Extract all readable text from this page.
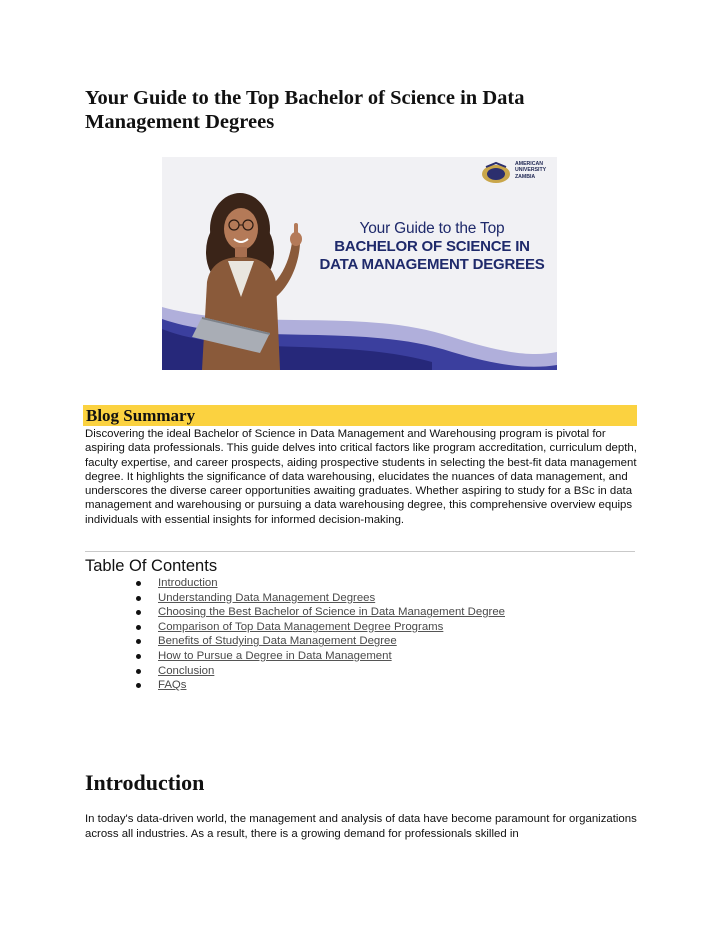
Your Guide to the Top Bachelor of Science in Data Management Degrees
AMERICAN
UNIVERSITY
ZAMBIA
Your Guide to the Top
BACHELOR OF SCIENCE IN
DATA MANAGEMENT DEGREES
Blog Summary
Discovering the ideal Bachelor of Science in Data Management and Warehousing program is pivotal for aspiring data professionals. This guide delves into critical factors like program accreditation, curriculum depth, faculty expertise, and career prospects, aiding prospective students in selecting the best-fit data management degree. It highlights the significance of data warehousing, elucidates the nuances of data management, and underscores the diverse career opportunities awaiting graduates. Whether aspiring to study for a BSc in data management and warehousing or pursuing a data warehousing degree, this comprehensive overview equips individuals with essential insights for informed decision-making.
Table Of Contents
Introduction
Understanding Data Management Degrees
Choosing the Best Bachelor of Science in Data Management Degree
Comparison of Top Data Management Degree Programs
Benefits of Studying Data Management Degree
How to Pursue a Degree in Data Management
Conclusion
FAQs
Introduction
In today's data-driven world, the management and analysis of data have become paramount for organizations across all industries. As a result, there is a growing demand for professionals skilled in
